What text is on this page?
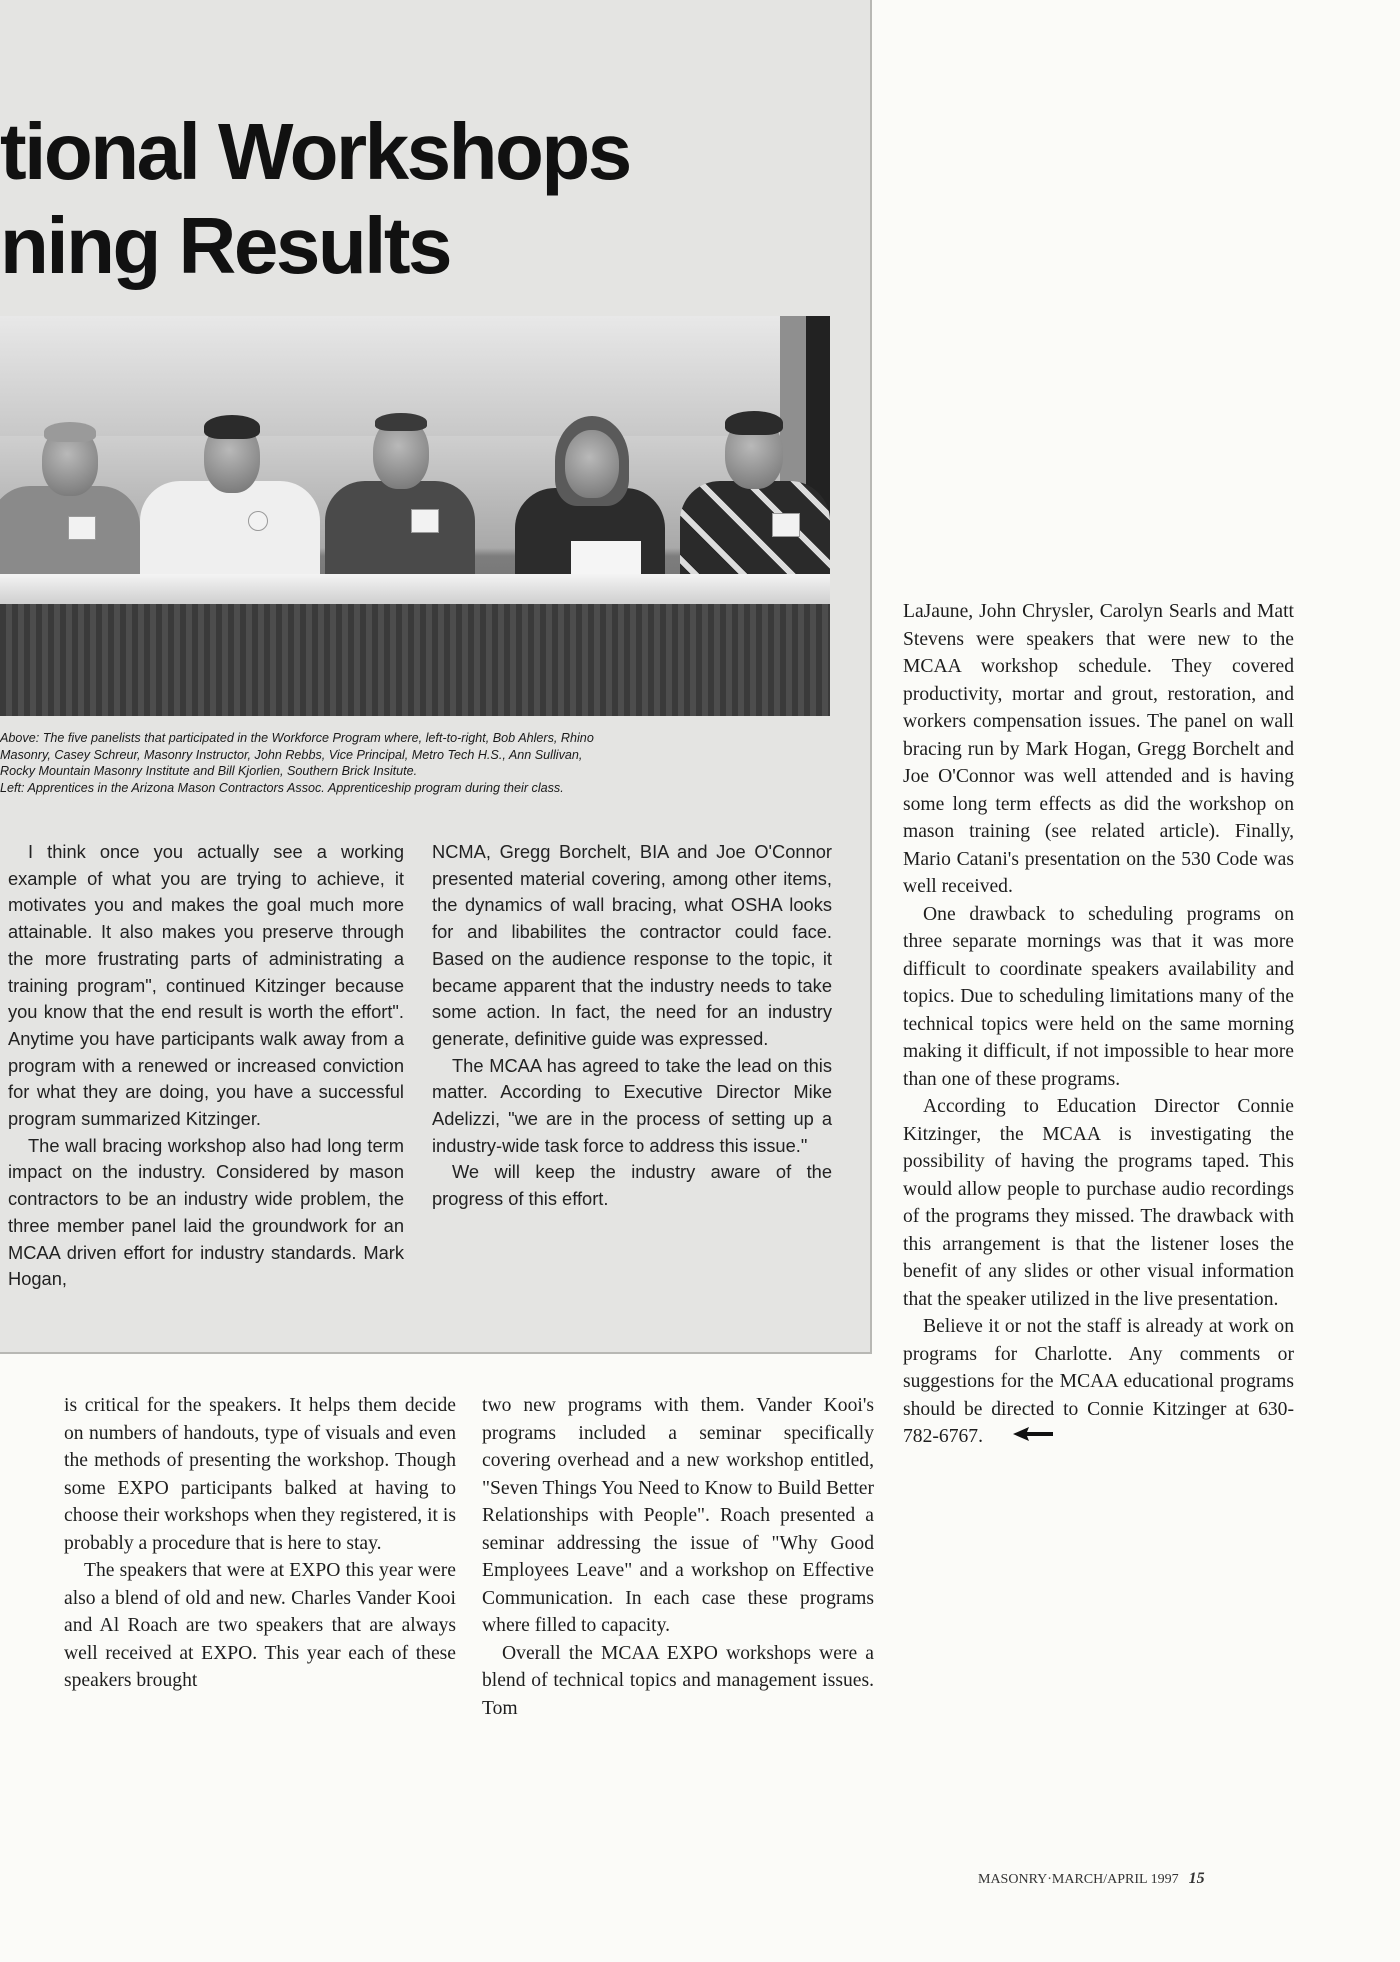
tional Workshops
ning Results

Above: The five panelists that participated in the Workforce Program where, left-to-right, Bob Ahlers, Rhino

Masonry, Casey Schreur, Masonry Instructor, John Rebbs, Vice Principal, Metro Tech H.S., Ann Sullivan,

Rocky Mountain Masonry Institute and Bill Kjorlien, Southern Brick Insitute.

Left: Apprentices in the Arizona Mason Contractors Assoc. Apprenticeship program during their class.

I think once you actually see a working example of what you are trying to achieve, it motivates you and makes the goal much more attainable. It also makes you preserve through the more frustrating parts of administrating a training program", continued Kitzinger because you know that the end result is worth the effort". Anytime you have participants walk away from a program with a renewed or increased conviction for what they are doing, you have a successful program summarized Kitzinger.

The wall bracing workshop also had long term impact on the industry. Considered by mason contractors to be an industry wide problem, the three member panel laid the groundwork for an MCAA driven effort for industry standards. Mark Hogan,

NCMA, Gregg Borchelt, BIA and Joe O'Connor presented material covering, among other items, the dynamics of wall bracing, what OSHA looks for and libabilites the contractor could face. Based on the audience response to the topic, it became apparent that the industry needs to take some action. In fact, the need for an industry generate, definitive guide was expressed.

The MCAA has agreed to take the lead on this matter. According to Executive Director Mike Adelizzi, "we are in the process of setting up a industry-wide task force to address this issue."

We will keep the industry aware of the progress of this effort.

is critical for the speakers. It helps them decide on numbers of handouts, type of visuals and even the methods of presenting the workshop. Though some EXPO participants balked at having to choose their workshops when they registered, it is probably a procedure that is here to stay.

The speakers that were at EXPO this year were also a blend of old and new. Charles Vander Kooi and Al Roach are two speakers that are always well received at EXPO. This year each of these speakers brought

two new programs with them. Vander Kooi's programs included a seminar specifically covering overhead and a new workshop entitled, "Seven Things You Need to Know to Build Better Relationships with People". Roach presented a seminar addressing the issue of "Why Good Employees Leave" and a workshop on Effective Communication. In each case these programs where filled to capacity.

Overall the MCAA EXPO workshops were a blend of technical topics and management issues. Tom

LaJaune, John Chrysler, Carolyn Searls and Matt Stevens were speakers that were new to the MCAA workshop schedule. They covered productivity, mortar and grout, restoration, and workers compensation issues. The panel on wall bracing run by Mark Hogan, Gregg Borchelt and Joe O'Connor was well attended and is having some long term effects as did the workshop on mason training (see related article). Finally, Mario Catani's presentation on the 530 Code was well received.

One drawback to scheduling programs on three separate mornings was that it was more difficult to coordinate speakers availability and topics. Due to scheduling limitations many of the technical topics were held on the same morning making it difficult, if not impossible to hear more than one of these programs.

According to Education Director Connie Kitzinger, the MCAA is investigating the possibility of having the programs taped. This would allow people to purchase audio recordings of the programs they missed. The drawback with this arrangement is that the listener loses the benefit of any slides or other visual information that the speaker utilized in the live presentation.

Believe it or not the staff is already at work on programs for Charlotte. Any comments or suggestions for the MCAA educational programs should be directed to Connie Kitzinger at 630-782-6767.

MASONRY·MARCH/APRIL 1997 15
